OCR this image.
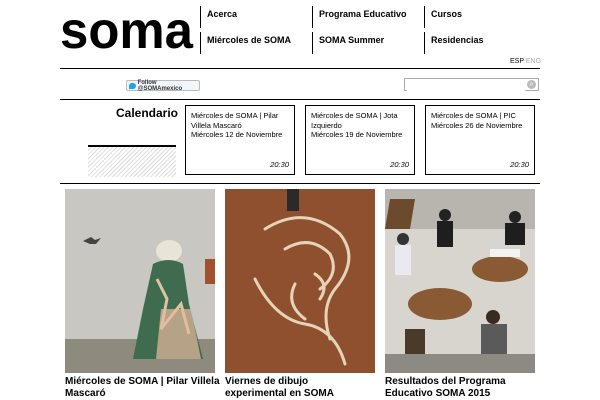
soma	Acerca	Programa Educativo	Cursos
Miércoles de SOMA	SOMA Summer	Residencias
ESP ENG
Follow @SOMAmexico
⌕
Calendario Miércoles de SOMA | Pilar Villela Mascaró
Miércoles 12 de Noviembre
20:30
Miércoles de SOMA | Jota Izquierdo
Miércoles 19 de Noviembre
20:30
Miércoles de SOMA | PIC
Miércoles 26 de Noviembre
20:30
Miércoles de SOMA | Pilar Villela Mascaró
Viernes de dibujo experimental en SOMA
Resultados del Programa Educativo SOMA 2015
